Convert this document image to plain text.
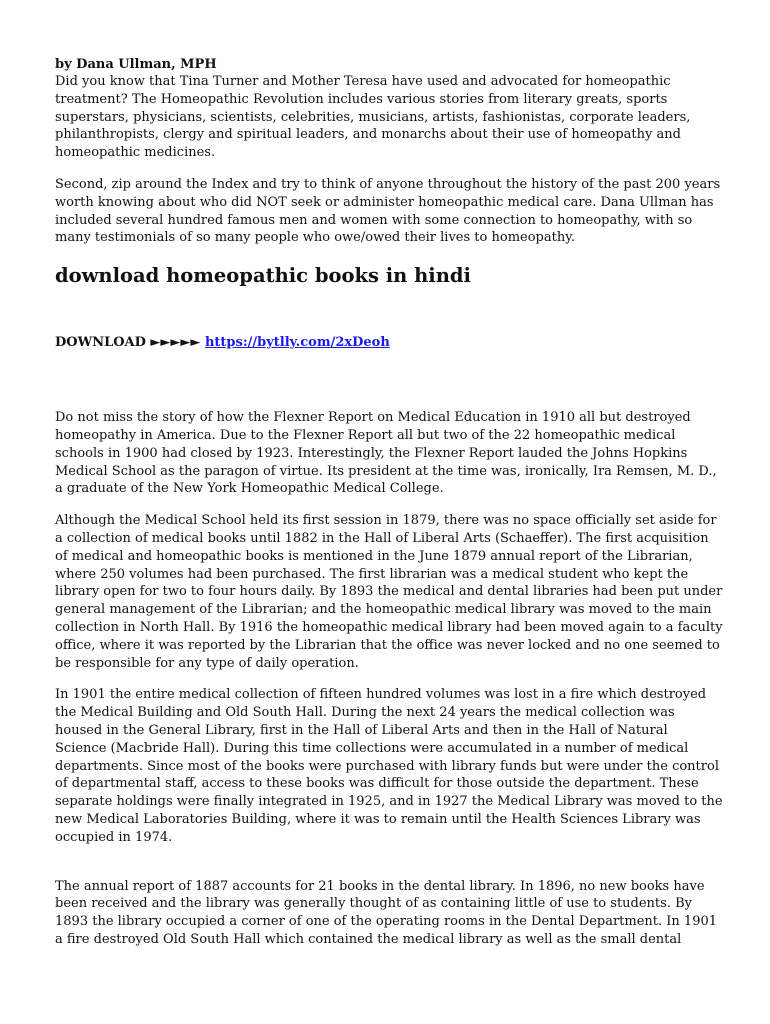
by Dana Ullman, MPH

Did you know that Tina Turner and Mother Teresa have used and advocated for homeopathic treatment? The Homeopathic Revolution includes various stories from literary greats, sports superstars, physicians, scientists, celebrities, musicians, artists, fashionistas, corporate leaders, philanthropists, clergy and spiritual leaders, and monarchs about their use of homeopathy and homeopathic medicines.

Second, zip around the Index and try to think of anyone throughout the history of the past 200 years worth knowing about who did NOT seek or administer homeopathic medical care. Dana Ullman has included several hundred famous men and women with some connection to homeopathy, with so many testimonials of so many people who owe/owed their lives to homeopathy.

download homeopathic books in hindi

DOWNLOAD ►►►►► https://bytlly.com/2xDeoh

Do not miss the story of how the Flexner Report on Medical Education in 1910 all but destroyed homeopathy in America. Due to the Flexner Report all but two of the 22 homeopathic medical schools in 1900 had closed by 1923. Interestingly, the Flexner Report lauded the Johns Hopkins Medical School as the paragon of virtue. Its president at the time was, ironically, Ira Remsen, M. D., a graduate of the New York Homeopathic Medical College.

Although the Medical School held its first session in 1879, there was no space officially set aside for a collection of medical books until 1882 in the Hall of Liberal Arts (Schaeffer). The first acquisition of medical and homeopathic books is mentioned in the June 1879 annual report of the Librarian, where 250 volumes had been purchased. The first librarian was a medical student who kept the library open for two to four hours daily. By 1893 the medical and dental libraries had been put under general management of the Librarian; and the homeopathic medical library was moved to the main collection in North Hall. By 1916 the homeopathic medical library had been moved again to a faculty office, where it was reported by the Librarian that the office was never locked and no one seemed to be responsible for any type of daily operation.

In 1901 the entire medical collection of fifteen hundred volumes was lost in a fire which destroyed the Medical Building and Old South Hall. During the next 24 years the medical collection was housed in the General Library, first in the Hall of Liberal Arts and then in the Hall of Natural Science (Macbride Hall). During this time collections were accumulated in a number of medical departments. Since most of the books were purchased with library funds but were under the control of departmental staff, access to these books was difficult for those outside the department. These separate holdings were finally integrated in 1925, and in 1927 the Medical Library was moved to the new Medical Laboratories Building, where it was to remain until the Health Sciences Library was occupied in 1974.

The annual report of 1887 accounts for 21 books in the dental library. In 1896, no new books have been received and the library was generally thought of as containing little of use to students. By 1893 the library occupied a corner of one of the operating rooms in the Dental Department. In 1901 a fire destroyed Old South Hall which contained the medical library as well as the small dental
